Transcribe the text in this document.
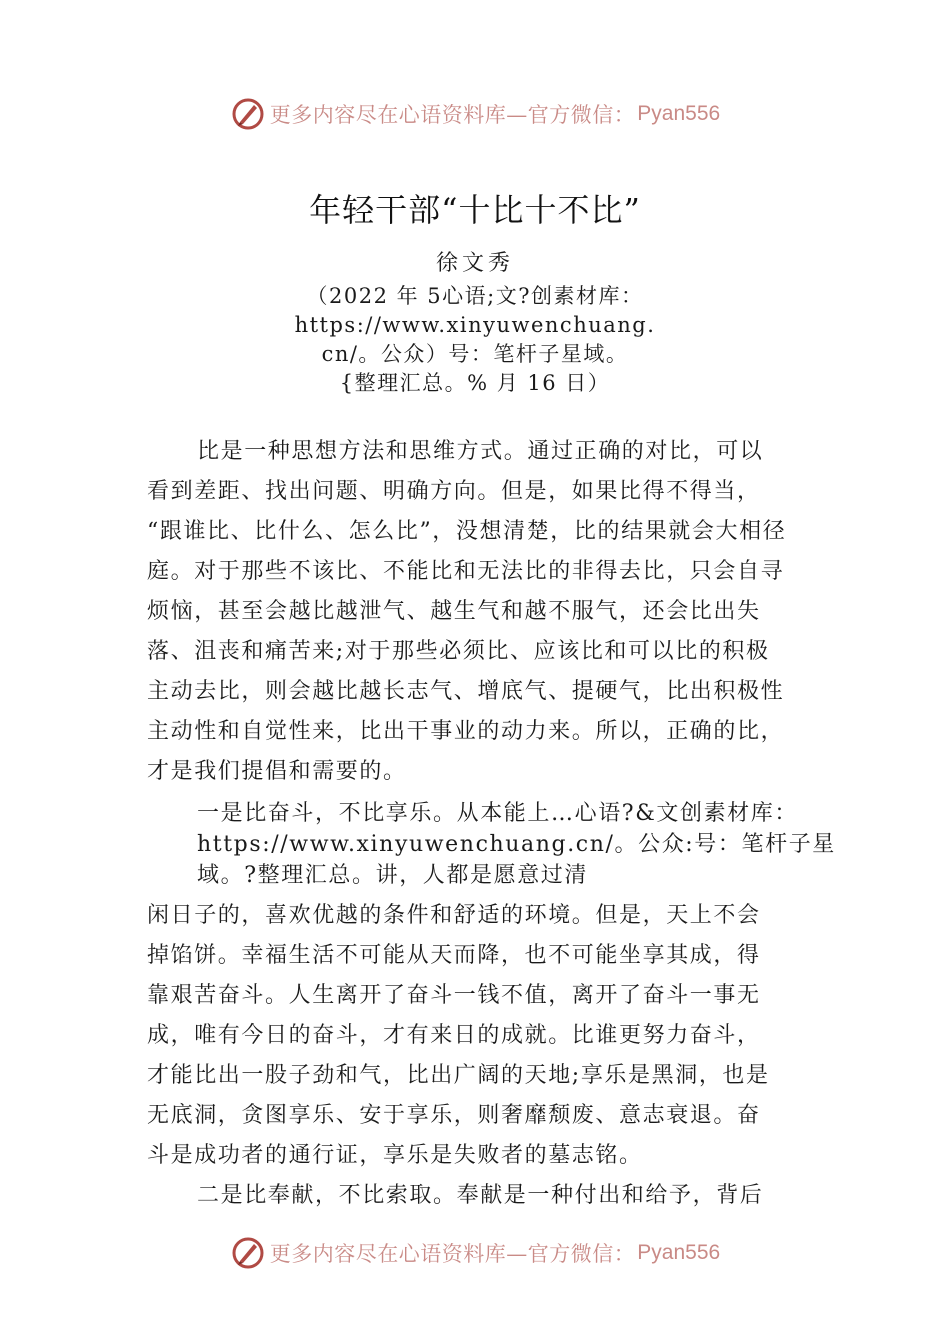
更多内容尽在心语资料库—官方微信： Pyan556
年轻干部“十比十不比”
徐文秀
（2022 年 5心语;文?创素材库：
https://www.xinyuwenchuang.
cn/。公众）号：笔杆子星域。
{整理汇总。% 月 16 日）
比是一种思想方法和思维方式。通过正确的对比，可以
看到差距、找出问题、明确方向。但是，如果比得不得当，
“跟谁比、比什么、怎么比”，没想清楚，比的结果就会大相径
庭。对于那些不该比、不能比和无法比的非得去比，只会自寻
烦恼，甚至会越比越泄气、越生气和越不服气，还会比出失
落、沮丧和痛苦来;对于那些必须比、应该比和可以比的积极
主动去比，则会越比越长志气、增底气、提硬气，比出积极性
主动性和自觉性来，比出干事业的动力来。所以，正确的比，
才是我们提倡和需要的。
一是比奋斗，不比享乐。从本能上…心语?&文创素材库：
https://www.xinyuwenchuang.cn/。公众:号：笔杆子星
域。?整理汇总。讲，人都是愿意过清
闲日子的，喜欢优越的条件和舒适的环境。但是，天上不会
掉馅饼。幸福生活不可能从天而降，也不可能坐享其成，得
靠艰苦奋斗。人生离开了奋斗一钱不值，离开了奋斗一事无
成，唯有今日的奋斗，才有来日的成就。比谁更努力奋斗，
才能比出一股子劲和气，比出广阔的天地;享乐是黑洞，也是
无底洞，贪图享乐、安于享乐，则奢靡颓废、意志衰退。奋
斗是成功者的通行证，享乐是失败者的墓志铭。
二是比奉献，不比索取。奉献是一种付出和给予，背后
更多内容尽在心语资料库—官方微信： Pyan556
